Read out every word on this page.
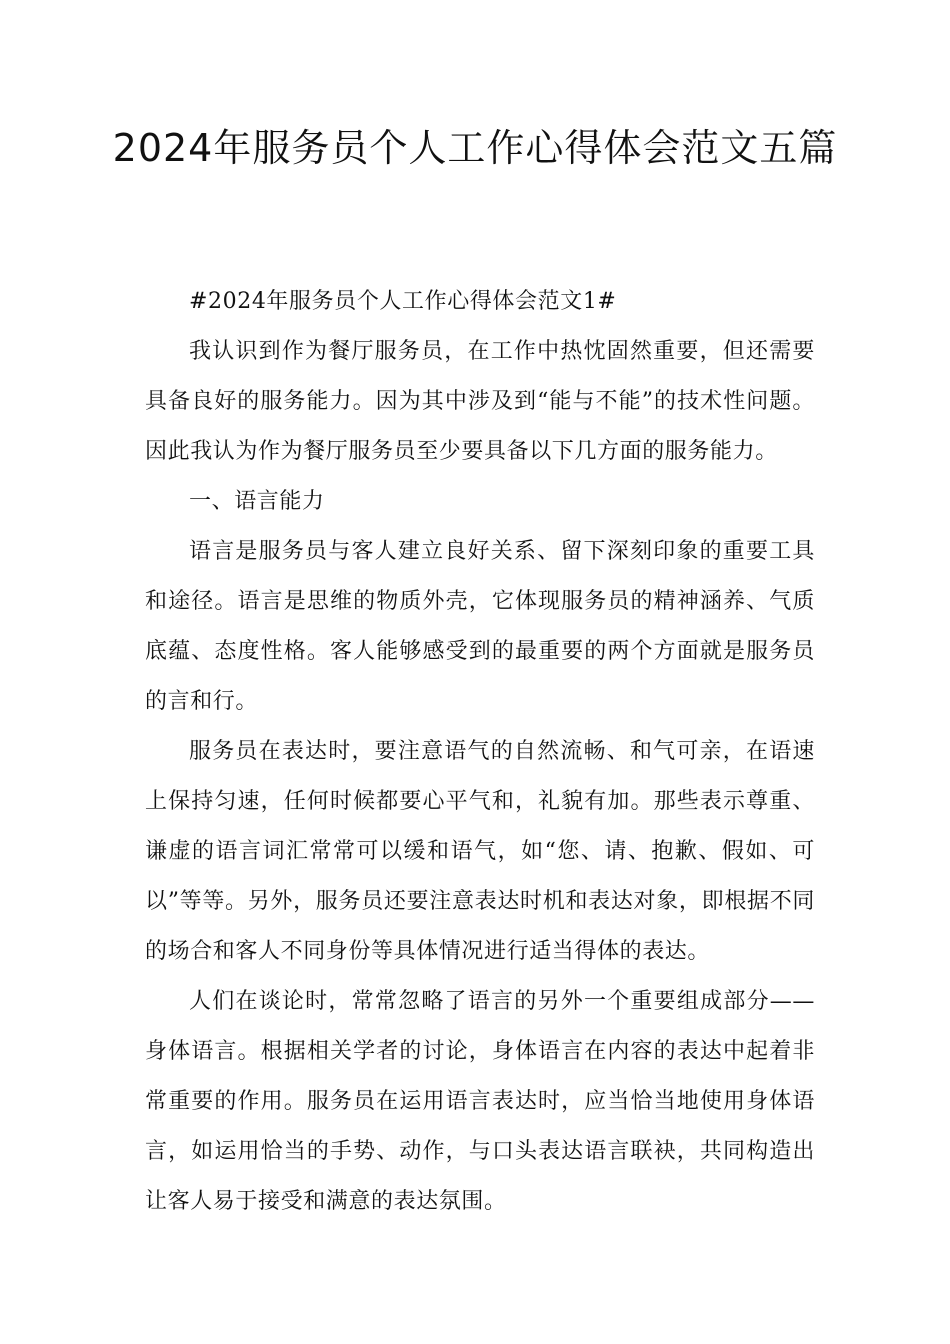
2024年服务员个人工作心得体会范文五篇

#2024年服务员个人工作心得体会范文1#

我认识到作为餐厅服务员，在工作中热忱固然重要，但还需要具备良好的服务能力。因为其中涉及到“能与不能”的技术性问题。因此我认为作为餐厅服务员至少要具备以下几方面的服务能力。

一、语言能力

语言是服务员与客人建立良好关系、留下深刻印象的重要工具和途径。语言是思维的物质外壳，它体现服务员的精神涵养、气质底蕴、态度性格。客人能够感受到的最重要的两个方面就是服务员的言和行。

服务员在表达时，要注意语气的自然流畅、和气可亲，在语速上保持匀速，任何时候都要心平气和，礼貌有加。那些表示尊重、谦虚的语言词汇常常可以缓和语气，如“您、请、抱歉、假如、可以”等等。另外，服务员还要注意表达时机和表达对象，即根据不同的场合和客人不同身份等具体情况进行适当得体的表达。

人们在谈论时，常常忽略了语言的另外一个重要组成部分——身体语言。根据相关学者的讨论，身体语言在内容的表达中起着非常重要的作用。服务员在运用语言表达时，应当恰当地使用身体语言，如运用恰当的手势、动作，与口头表达语言联袂，共同构造出让客人易于接受和满意的表达氛围。
